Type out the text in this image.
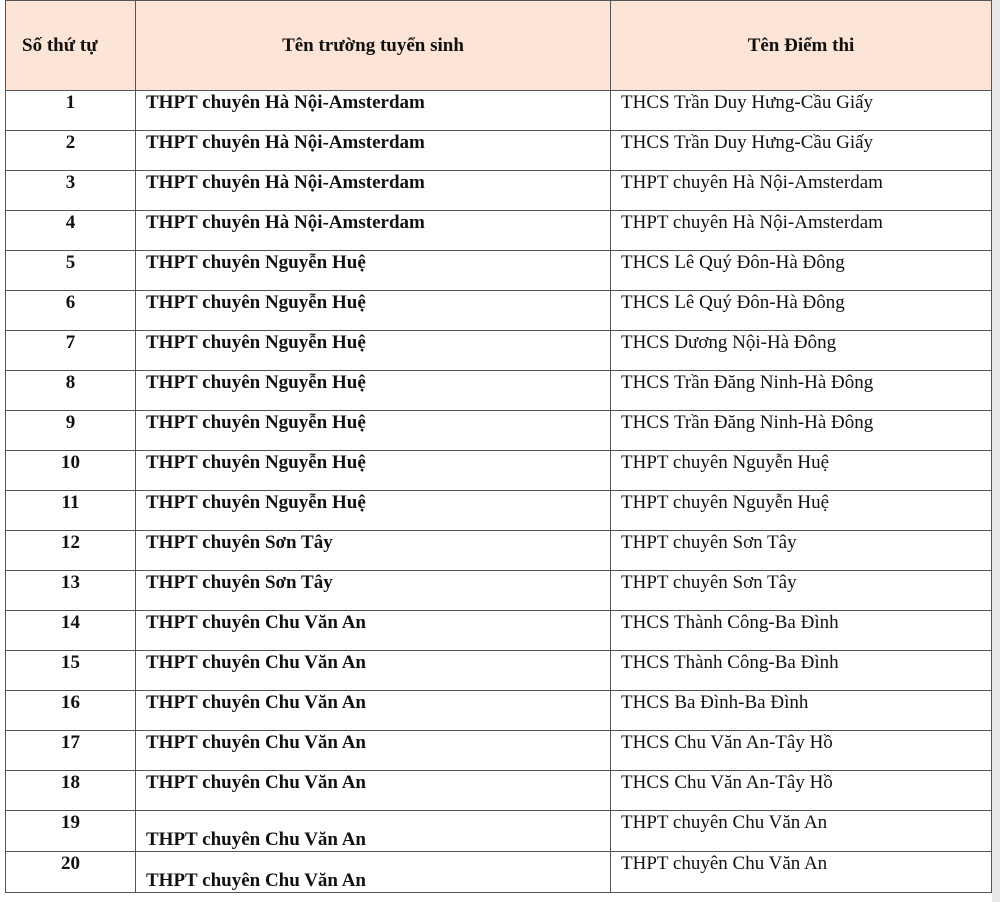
Số thứ tự	Tên trường tuyển sinh	Tên Điểm thi
1	THPT chuyên Hà Nội-Amsterdam	THCS Trần Duy Hưng-Cầu Giấy
2	THPT chuyên Hà Nội-Amsterdam	THCS Trần Duy Hưng-Cầu Giấy
3	THPT chuyên Hà Nội-Amsterdam	THPT chuyên Hà Nội-Amsterdam
4	THPT chuyên Hà Nội-Amsterdam	THPT chuyên Hà Nội-Amsterdam
5	THPT chuyên Nguyễn Huệ	THCS Lê Quý Đôn-Hà Đông
6	THPT chuyên Nguyễn Huệ	THCS Lê Quý Đôn-Hà Đông
7	THPT chuyên Nguyễn Huệ	THCS Dương Nội-Hà Đông
8	THPT chuyên Nguyễn Huệ	THCS Trần Đăng Ninh-Hà Đông
9	THPT chuyên Nguyễn Huệ	THCS Trần Đăng Ninh-Hà Đông
10	THPT chuyên Nguyễn Huệ	THPT chuyên Nguyễn Huệ
11	THPT chuyên Nguyễn Huệ	THPT chuyên Nguyễn Huệ
12	THPT chuyên Sơn Tây	THPT chuyên Sơn Tây
13	THPT chuyên Sơn Tây	THPT chuyên Sơn Tây
14	THPT chuyên Chu Văn An	THCS Thành Công-Ba Đình
15	THPT chuyên Chu Văn An	THCS Thành Công-Ba Đình
16	THPT chuyên Chu Văn An	THCS Ba Đình-Ba Đình
17	THPT chuyên Chu Văn An	THCS Chu Văn An-Tây Hồ
18	THPT chuyên Chu Văn An	THCS Chu Văn An-Tây Hồ
19	THPT chuyên Chu Văn An	THPT chuyên Chu Văn An
20	THPT chuyên Chu Văn An	THPT chuyên Chu Văn An
